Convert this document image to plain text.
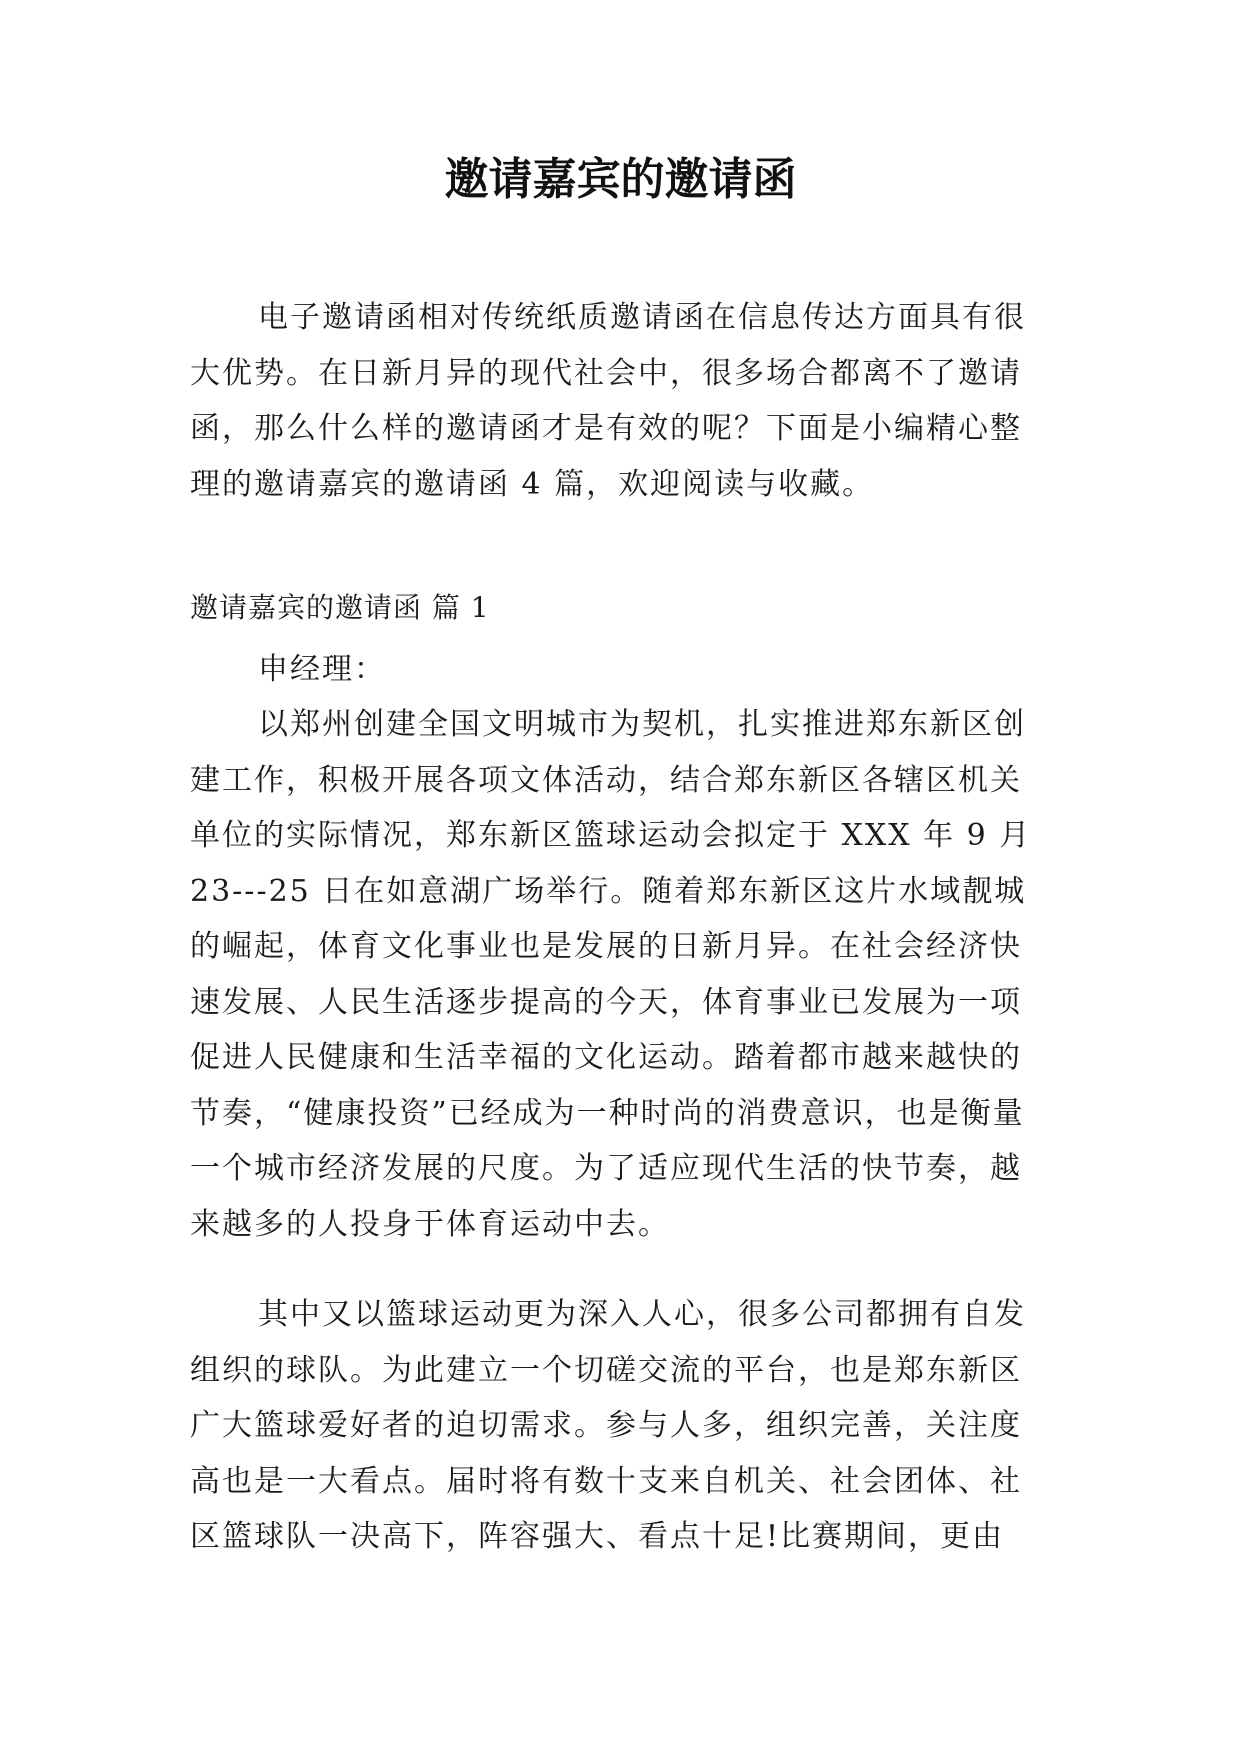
邀请嘉宾的邀请函

电子邀请函相对传统纸质邀请函在信息传达方面具有很大优势。在日新月异的现代社会中，很多场合都离不了邀请函，那么什么样的邀请函才是有效的呢？下面是小编精心整理的邀请嘉宾的邀请函 4 篇，欢迎阅读与收藏。

邀请嘉宾的邀请函 篇 1

申经理：

以郑州创建全国文明城市为契机，扎实推进郑东新区创建工作，积极开展各项文体活动，结合郑东新区各辖区机关单位的实际情况，郑东新区篮球运动会拟定于 XXX 年 9 月 23---25 日在如意湖广场举行。随着郑东新区这片水域靓城的崛起，体育文化事业也是发展的日新月异。在社会经济快速发展、人民生活逐步提高的今天，体育事业已发展为一项促进人民健康和生活幸福的文化运动。踏着都市越来越快的节奏，“健康投资”已经成为一种时尚的消费意识，也是衡量一个城市经济发展的尺度。为了适应现代生活的快节奏，越来越多的人投身于体育运动中去。

其中又以篮球运动更为深入人心，很多公司都拥有自发组织的球队。为此建立一个切磋交流的平台，也是郑东新区广大篮球爱好者的迫切需求。参与人多，组织完善，关注度高也是一大看点。届时将有数十支来自机关、社会团体、社区篮球队一决高下，阵容强大、看点十足!比赛期间，更由
